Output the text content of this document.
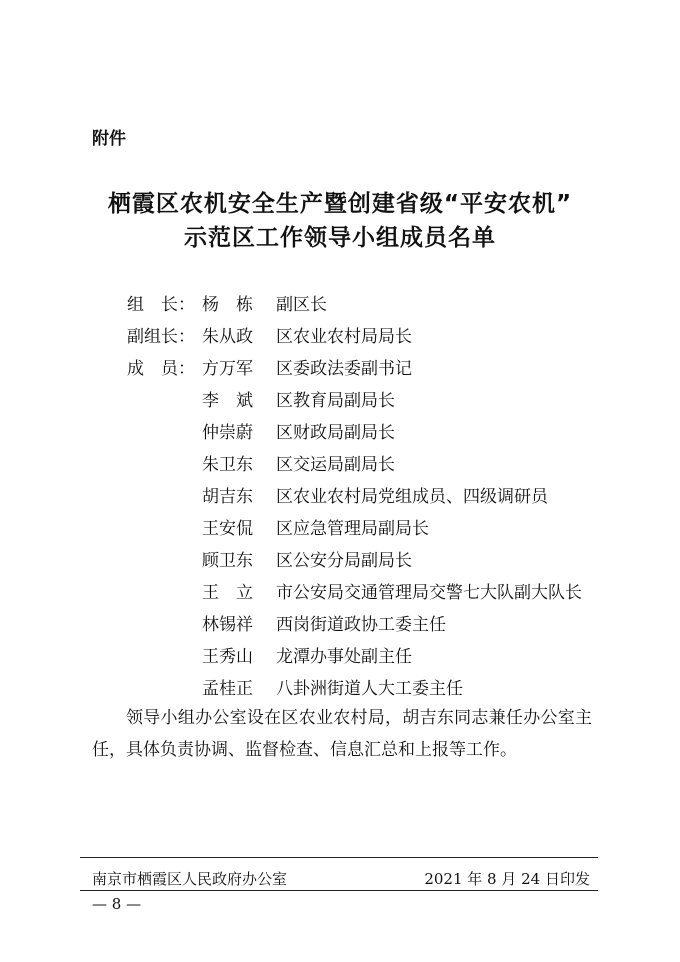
附件
栖霞区农机安全生产暨创建省级“平安农机”
示范区工作领导小组成员名单
组　长： 杨　栋	副区长
副组长： 朱从政	区农业农村局局长
成　员： 方万军	区委政法委副书记
李　斌	区教育局副局长
仲崇蔚	区财政局副局长
朱卫东	区交运局副局长
胡吉东	区农业农村局党组成员、四级调研员
王安侃	区应急管理局副局长
顾卫东	区公安分局副局长
王　立	市公安局交通管理局交警七大队副大队长
林锡祥	西岗街道政协工委主任
王秀山	龙潭办事处副主任
孟桂正	八卦洲街道人大工委主任
领导小组办公室设在区农业农村局，胡吉东同志兼任办公室主任，具体负责协调、监督检查、信息汇总和上报等工作。
南京市栖霞区人民政府办公室	2021 年 8 月 24 日印发
— 8 —
